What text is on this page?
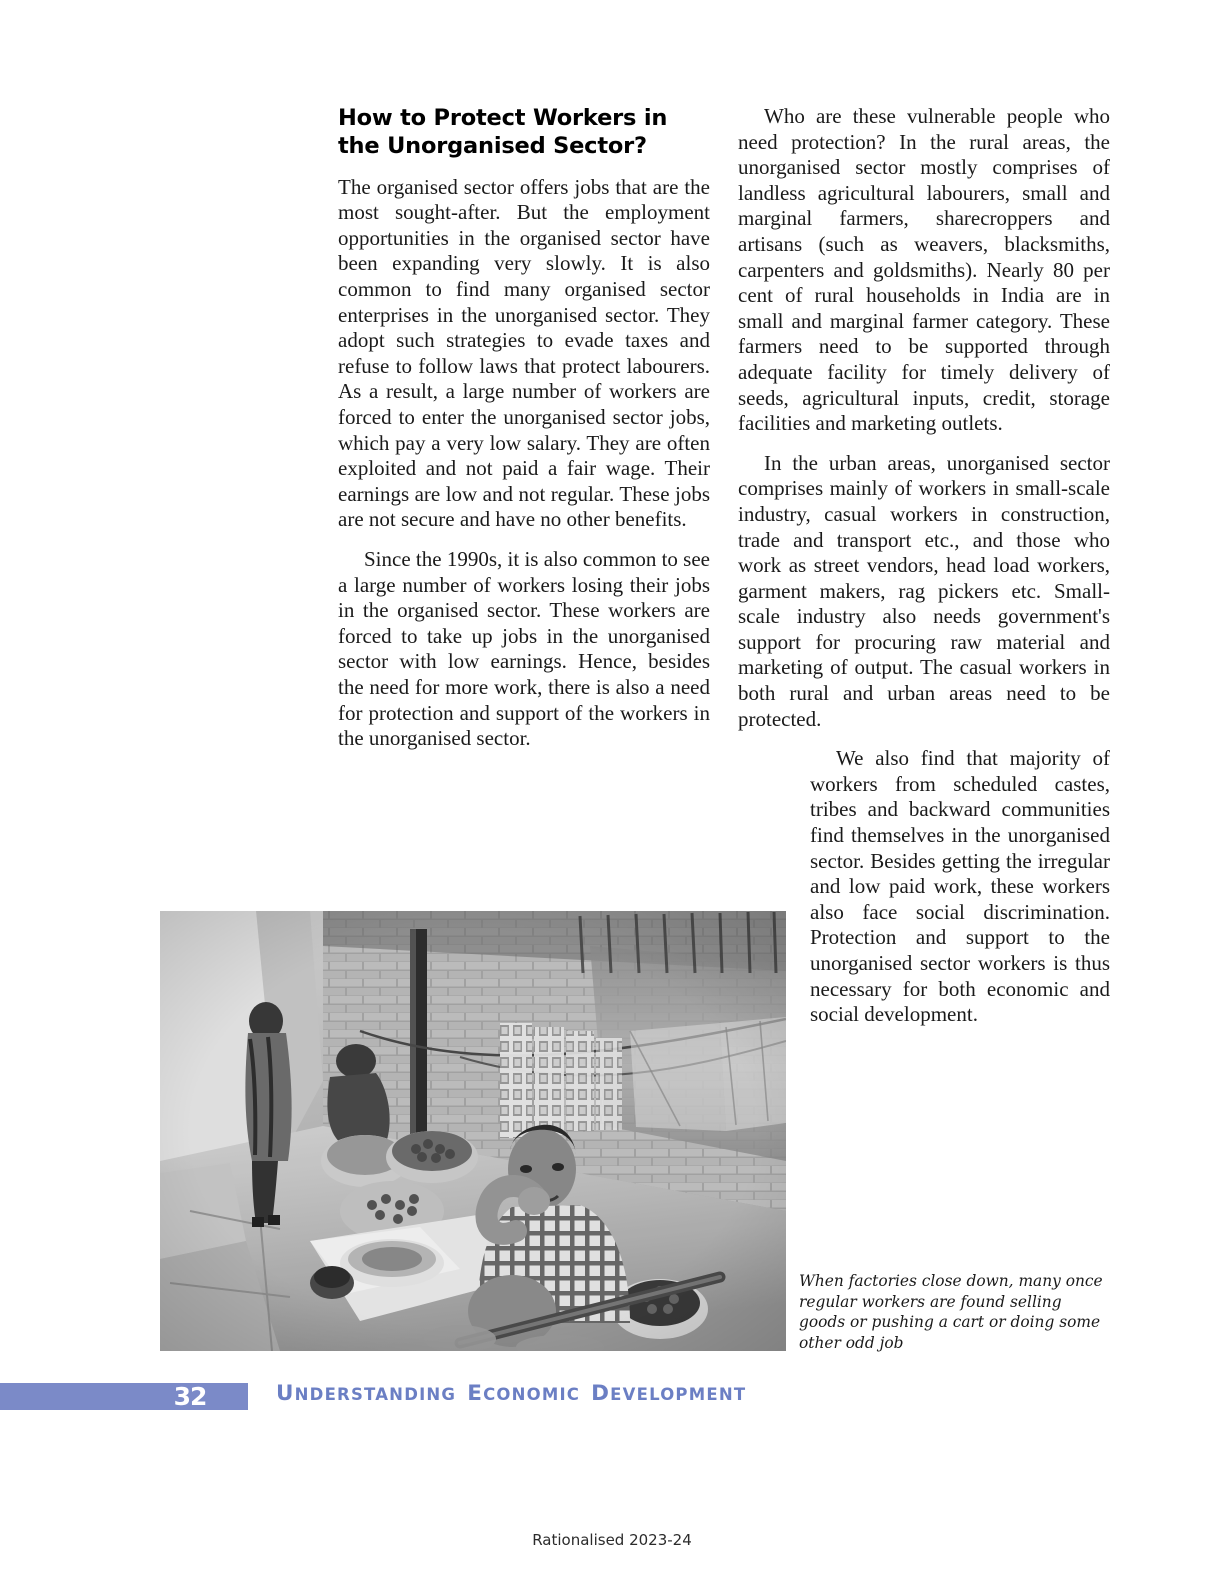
How to Protect Workers in the Unorganised Sector?

The organised sector offers jobs that are the most sought-after. But the employment opportunities in the organised sector have been expanding very slowly. It is also common to find many organised sector enterprises in the unorganised sector. They adopt such strategies to evade taxes and refuse to follow laws that protect labourers. As a result, a large number of workers are forced to enter the unorganised sector jobs, which pay a very low salary. They are often exploited and not paid a fair wage. Their earnings are low and not regular. These jobs are not secure and have no other benefits.

Since the 1990s, it is also common to see a large number of workers losing their jobs in the organised sector. These workers are forced to take up jobs in the unorganised sector with low earnings. Hence, besides the need for more work, there is also a need for protection and support of the workers in the unorganised sector.

Who are these vulnerable people who need protection? In the rural areas, the unorganised sector mostly comprises of landless agricultural labourers, small and marginal farmers, sharecroppers and artisans (such as weavers, blacksmiths, carpenters and goldsmiths). Nearly 80 per cent of rural households in India are in small and marginal farmer category. These farmers need to be supported through adequate facility for timely delivery of seeds, agricultural inputs, credit, storage facilities and marketing outlets.

In the urban areas, unorganised sector comprises mainly of workers in small-scale industry, casual workers in construction, trade and transport etc., and those who work as street vendors, head load workers, garment makers, rag pickers etc. Small-scale industry also needs government's support for procuring raw material and marketing of output. The casual workers in both rural and urban areas need to be protected.

We also find that majority of workers from scheduled castes, tribes and backward communities find themselves in the unorganised sector. Besides getting the irregular and low paid work, these workers also face social discrimination. Protection and support to the unorganised sector workers is thus necessary for both economic and social development.

When factories close down, many once regular workers are found selling goods or pushing a cart or doing some other odd job
32	UNDERSTANDING   ECONOMIC   DEVELOPMENT
Rationalised 2023-24
